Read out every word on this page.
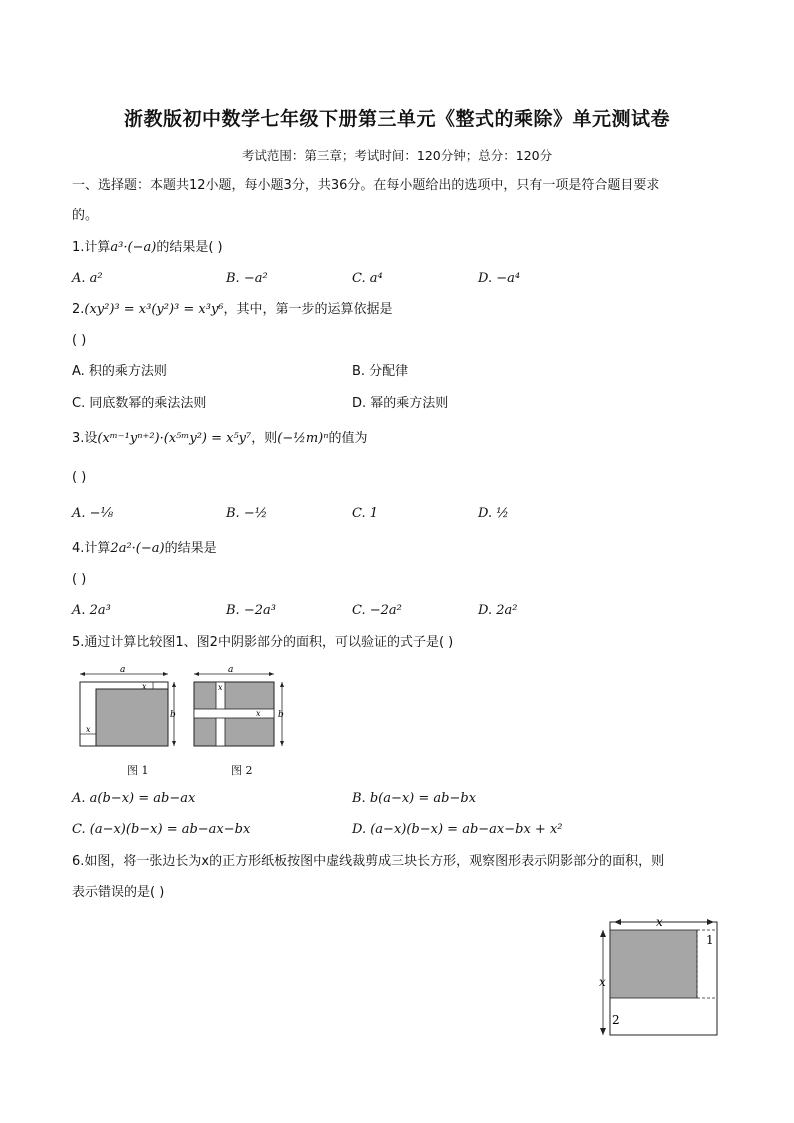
浙教版初中数学七年级下册第三单元《整式的乘除》单元测试卷
考试范围：第三章；考试时间：120分钟；总分：120分
一、选择题：本题共12小题，每小题3分，共36分。在每小题给出的选项中，只有一项是符合题目要求
的。
1.计算a³·(−a)的结果是( )
A. a²	B. −a²	C. a⁴	D. −a⁴
2.(xy²)³ = x³(y²)³ = x³y⁶，其中，第一步的运算依据是
( )
A. 积的乘方法则	B. 分配律
C. 同底数幂的乘法法则	D. 幂的乘方法则
3.设(xᵐ⁻¹yⁿ⁺²)·(x⁵ᵐy²) = x⁵y⁷，则(−½m)ⁿ的值为
( )
A. −⅛	B. −½	C. 1	D. ½
4.计算2a²·(−a)的结果是
( )
A. 2a³	B. −2a³	C. −2a²	D. 2a²
5.通过计算比较图1、图2中阴影部分的面积，可以验证的式子是( )
a
b
x
x
图 1
a
b
x
x
图 2
A. a(b−x) = ab−ax	B. b(a−x) = ab−bx
C. (a−x)(b−x) = ab−ax−bx	D. (a−x)(b−x) = ab−ax−bx + x²
6.如图，将一张边长为x的正方形纸板按图中虚线裁剪成三块长方形，观察图形表示阴影部分的面积，则
表示错误的是( )
x
x
1
2
